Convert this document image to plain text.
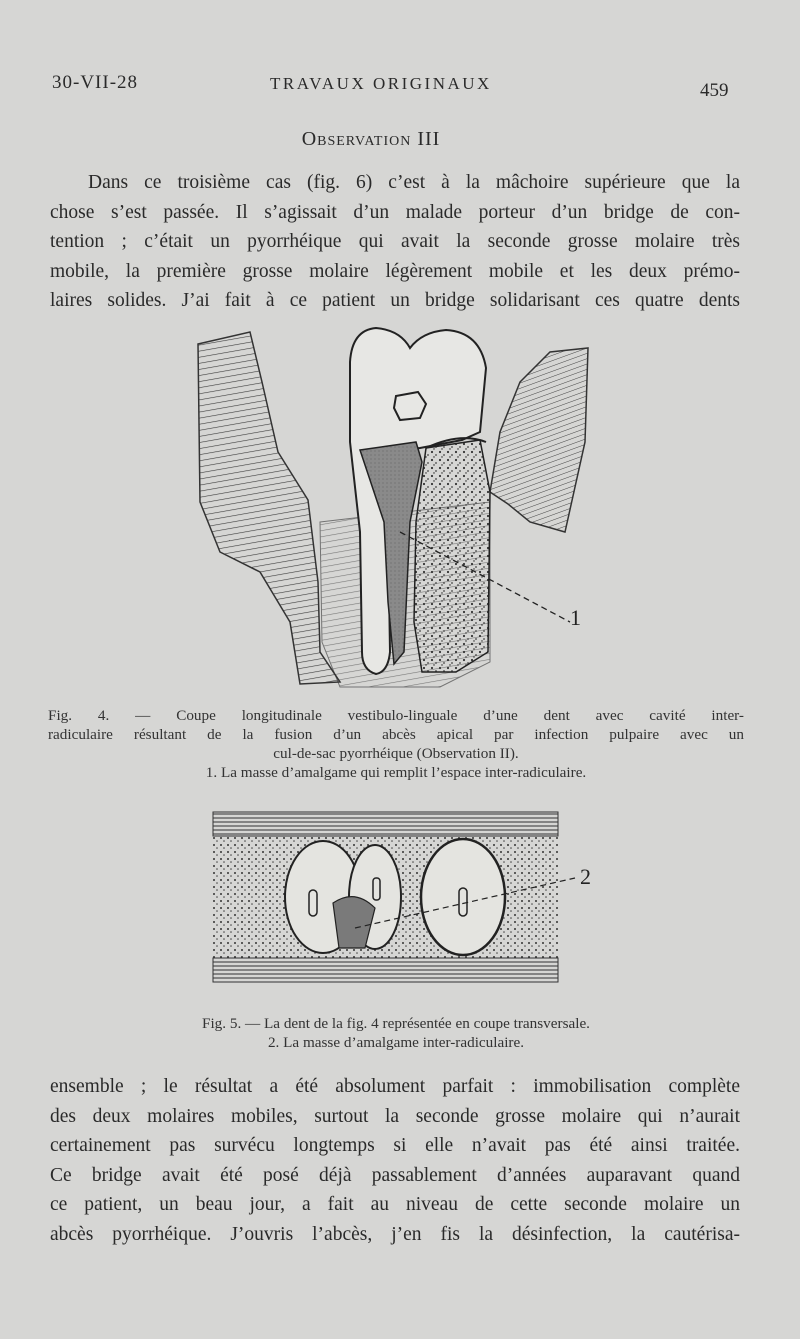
30-VII-28	TRAVAUX ORIGINAUX	459
Observation III

Dans ce troisième cas (fig. 6) c’est à la mâchoire supérieure que la
chose s’est passée. Il s’agissait d’un malade porteur d’un bridge de con-
tention ; c’était un pyorrhéique qui avait la seconde grosse molaire très
mobile, la première grosse molaire légèrement mobile et les deux prémo-
laires solides. J’ai fait à ce patient un bridge solidarisant ces quatre dents

1
Fig. 4. — Coupe longitudinale vestibulo-linguale d’une dent avec cavité inter-
radiculaire résultant de la fusion d’un abcès apical par infection pulpaire avec un
cul-de-sac pyorrhéique (Observation II).
1. La masse d’amalgame qui remplit l’espace inter-radiculaire.
2
Fig. 5. — La dent de la fig. 4 représentée en coupe transversale.
2. La masse d’amalgame inter-radiculaire.

ensemble ; le résultat a été absolument parfait : immobilisation complète
des deux molaires mobiles, surtout la seconde grosse molaire qui n’aurait
certainement pas survécu longtemps si elle n’avait pas été ainsi traitée.
Ce bridge avait été posé déjà passablement d’années auparavant quand
ce patient, un beau jour, a fait au niveau de cette seconde molaire un
abcès pyorrhéique. J’ouvris l’abcès, j’en fis la désinfection, la cautérisa-
